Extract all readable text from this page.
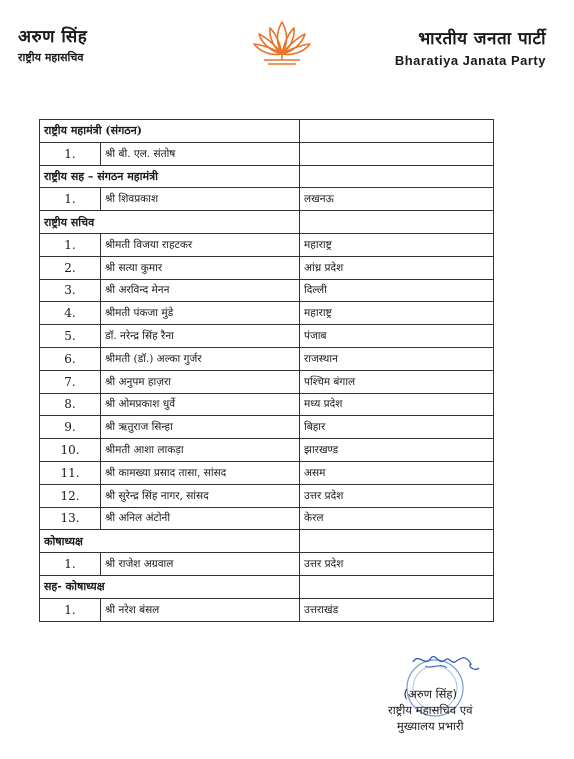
अरुण सिंह
राष्ट्रीय महासचिव
भारतीय जनता पार्टी
Bharatiya Janata Party
राष्ट्रीय महामंत्री (संगठन)		
1.	श्री बी. एल. संतोष	
राष्ट्रीय सह – संगठन महामंत्री		
1.	श्री शिवप्रकाश	लखनऊ
राष्ट्रीय सचिव		
1.	श्रीमती विजया राहटकर	महाराष्ट्र
2.	श्री सत्या कुमार	आंध्र प्रदेश
3.	श्री अरविन्द मेनन	दिल्ली
4.	श्रीमती पंकजा मुंडे	महाराष्ट्र
5.	डॉ. नरेन्द्र सिंह रैना	पंजाब
6.	श्रीमती (डॉ.) अल्का गुर्जर	राजस्थान
7.	श्री अनुपम हाज़रा	पश्चिम बंगाल
8.	श्री ओमप्रकाश धुर्वे	मध्य प्रदेश
9.	श्री ऋतुराज सिन्हा	बिहार
10.	श्रीमती आशा लाकड़ा	झारखण्ड
11.	श्री कामख्या प्रसाद तासा, सांसद	असम
12.	श्री सुरेन्द्र सिंह नागर, सांसद	उत्तर प्रदेश
13.	श्री अनिल अंटोनी	केरल
कोषाध्यक्ष		
1.	श्री राजेश अग्रवाल	उत्तर प्रदेश
सह- कोषाध्यक्ष		
1.	श्री नरेश बंसल	उत्तराखंड
(अरुण सिंह)
राष्ट्रीय महासचिव एवं
मुख्यालय प्रभारी
